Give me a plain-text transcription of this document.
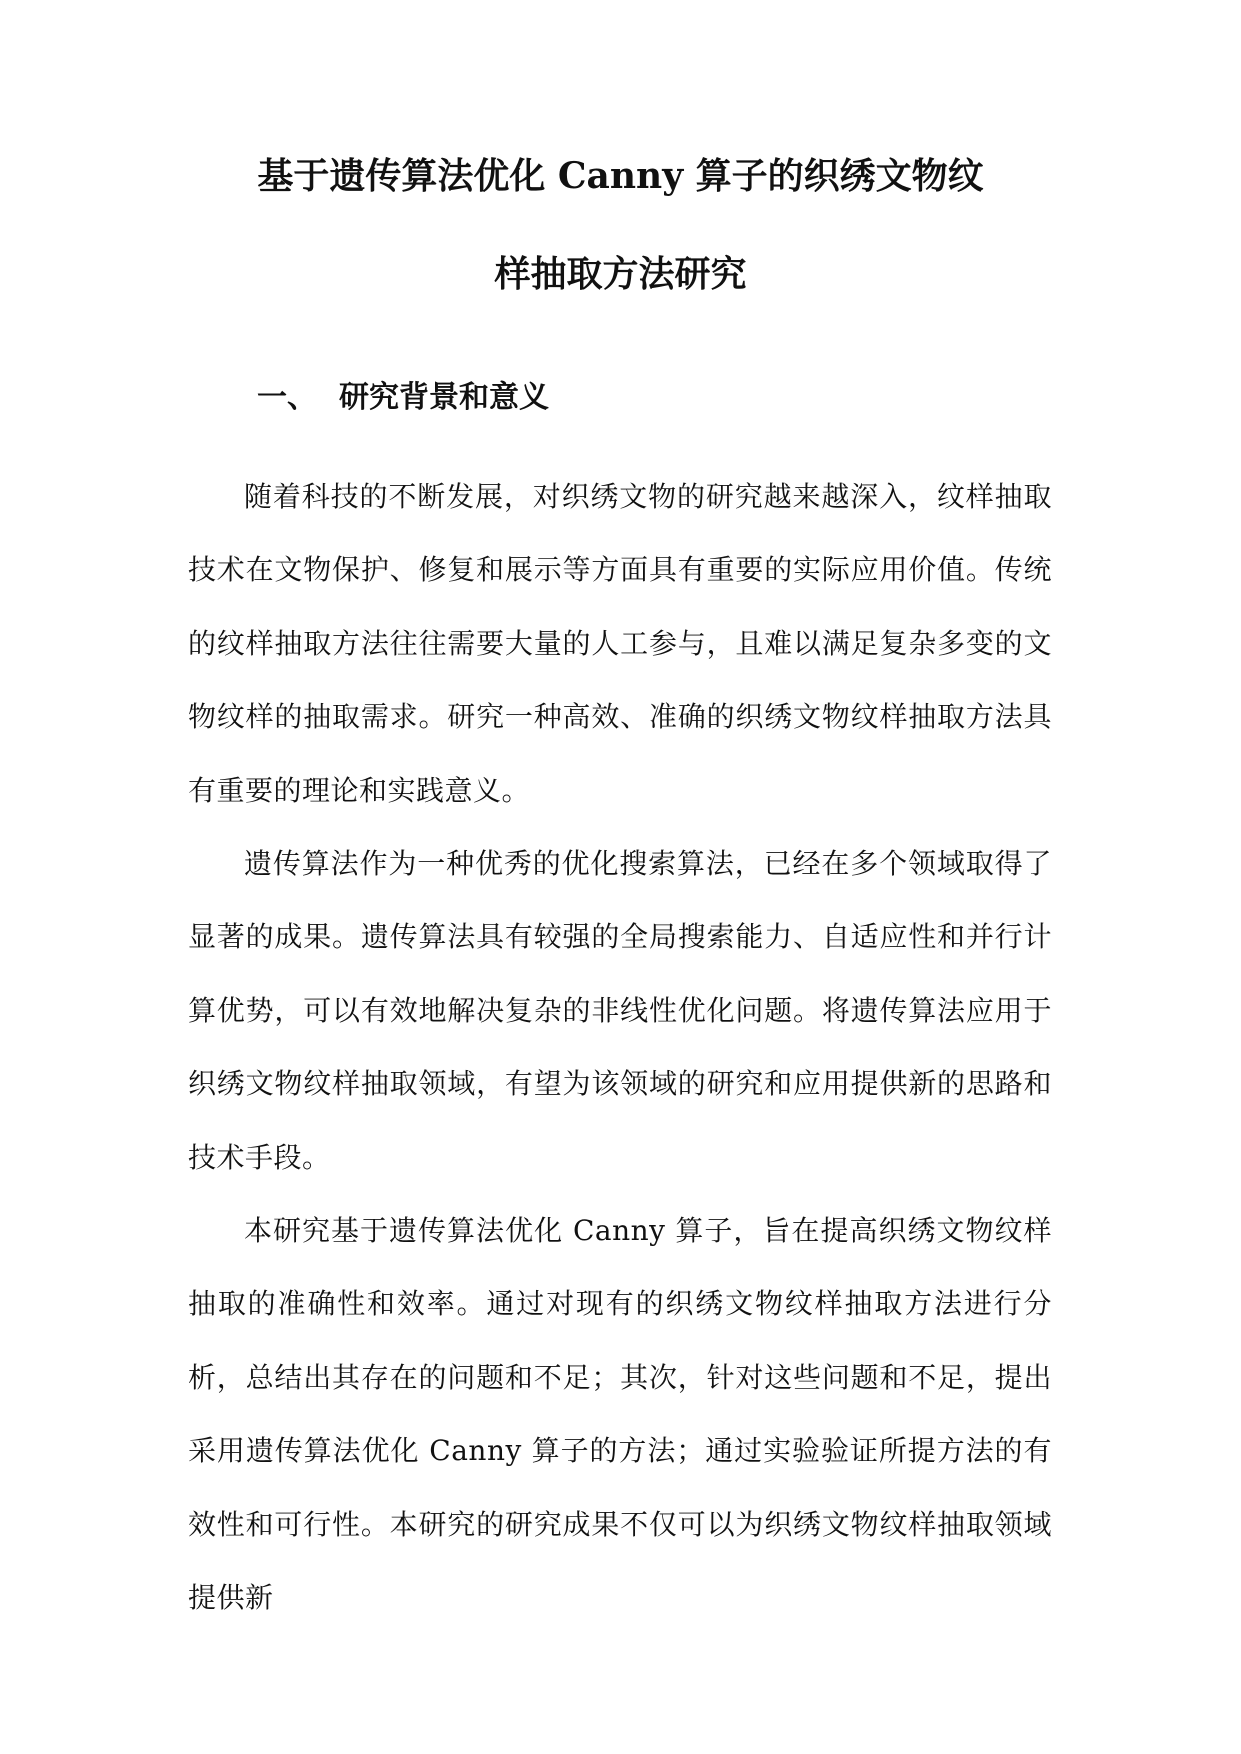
基于遗传算法优化 Canny 算子的织绣文物纹
样抽取方法研究
一、 研究背景和意义

随着科技的不断发展，对织绣文物的研究越来越深入，纹样抽取技术在文物保护、修复和展示等方面具有重要的实际应用价值。传统的纹样抽取方法往往需要大量的人工参与，且难以满足复杂多变的文物纹样的抽取需求。研究一种高效、准确的织绣文物纹样抽取方法具有重要的理论和实践意义。

遗传算法作为一种优秀的优化搜索算法，已经在多个领域取得了显著的成果。遗传算法具有较强的全局搜索能力、自适应性和并行计算优势，可以有效地解决复杂的非线性优化问题。将遗传算法应用于织绣文物纹样抽取领域，有望为该领域的研究和应用提供新的思路和技术手段。

本研究基于遗传算法优化 Canny 算子，旨在提高织绣文物纹样抽取的准确性和效率。通过对现有的织绣文物纹样抽取方法进行分析，总结出其存在的问题和不足；其次，针对这些问题和不足，提出采用遗传算法优化 Canny 算子的方法；通过实验验证所提方法的有效性和可行性。本研究的研究成果不仅可以为织绣文物纹样抽取领域提供新
